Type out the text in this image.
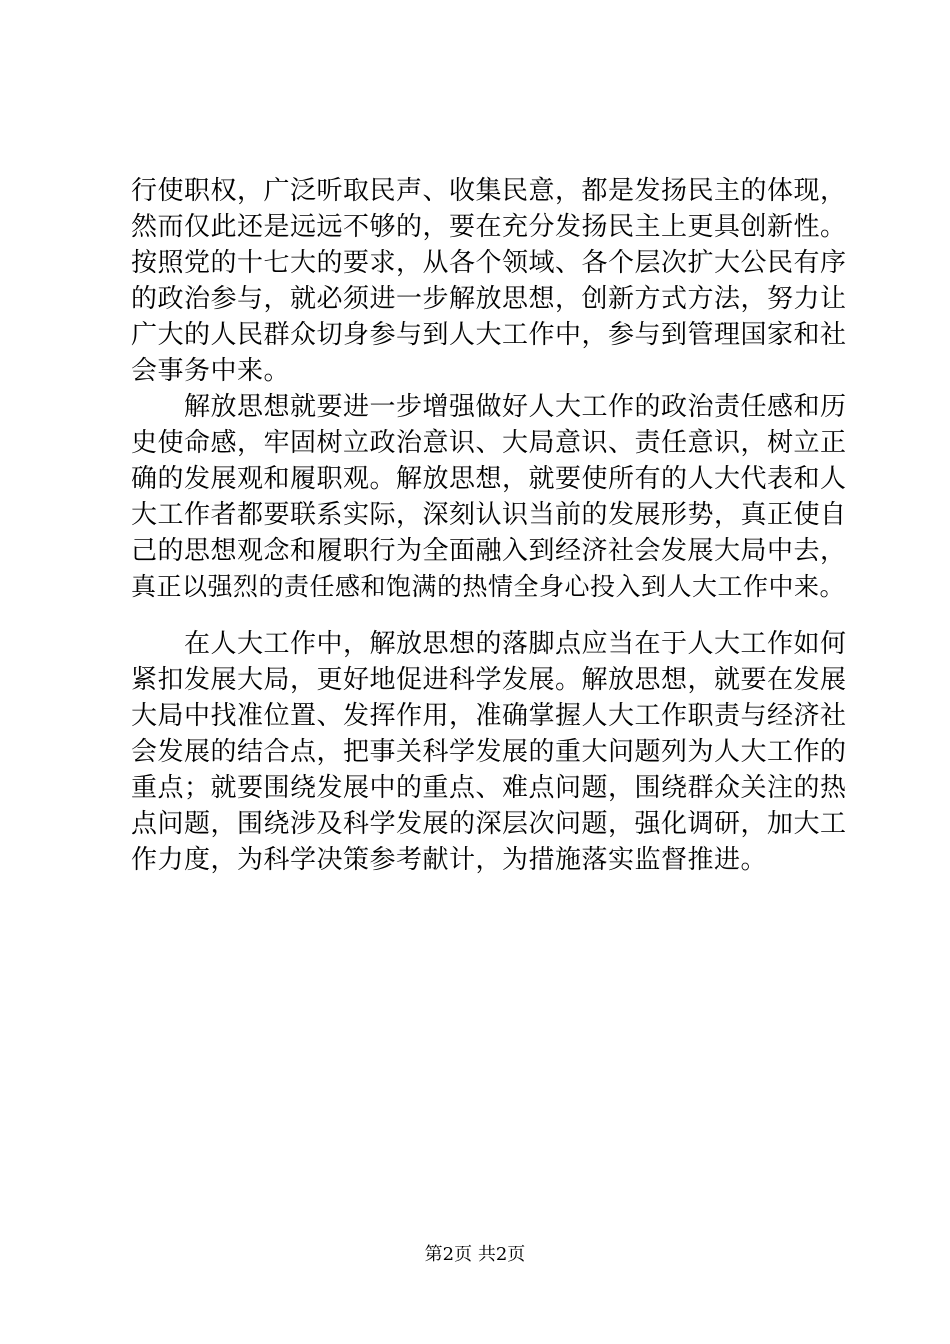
行使职权，广泛听取民声、收集民意，都是发扬民主的体现，
然而仅此还是远远不够的，要在充分发扬民主上更具创新性。
按照党的十七大的要求，从各个领域、各个层次扩大公民有序
的政治参与，就必须进一步解放思想，创新方式方法，努力让
广大的人民群众切身参与到人大工作中，参与到管理国家和社
会事务中来。
　　解放思想就要进一步增强做好人大工作的政治责任感和历
史使命感，牢固树立政治意识、大局意识、责任意识，树立正
确的发展观和履职观。解放思想，就要使所有的人大代表和人
大工作者都要联系实际，深刻认识当前的发展形势，真正使自
己的思想观念和履职行为全面融入到经济社会发展大局中去，
真正以强烈的责任感和饱满的热情全身心投入到人大工作中来。
　　在人大工作中，解放思想的落脚点应当在于人大工作如何
紧扣发展大局，更好地促进科学发展。解放思想，就要在发展
大局中找准位置、发挥作用，准确掌握人大工作职责与经济社
会发展的结合点，把事关科学发展的重大问题列为人大工作的
重点；就要围绕发展中的重点、难点问题，围绕群众关注的热
点问题，围绕涉及科学发展的深层次问题，强化调研，加大工
作力度，为科学决策参考献计，为措施落实监督推进。
第2页 共2页
